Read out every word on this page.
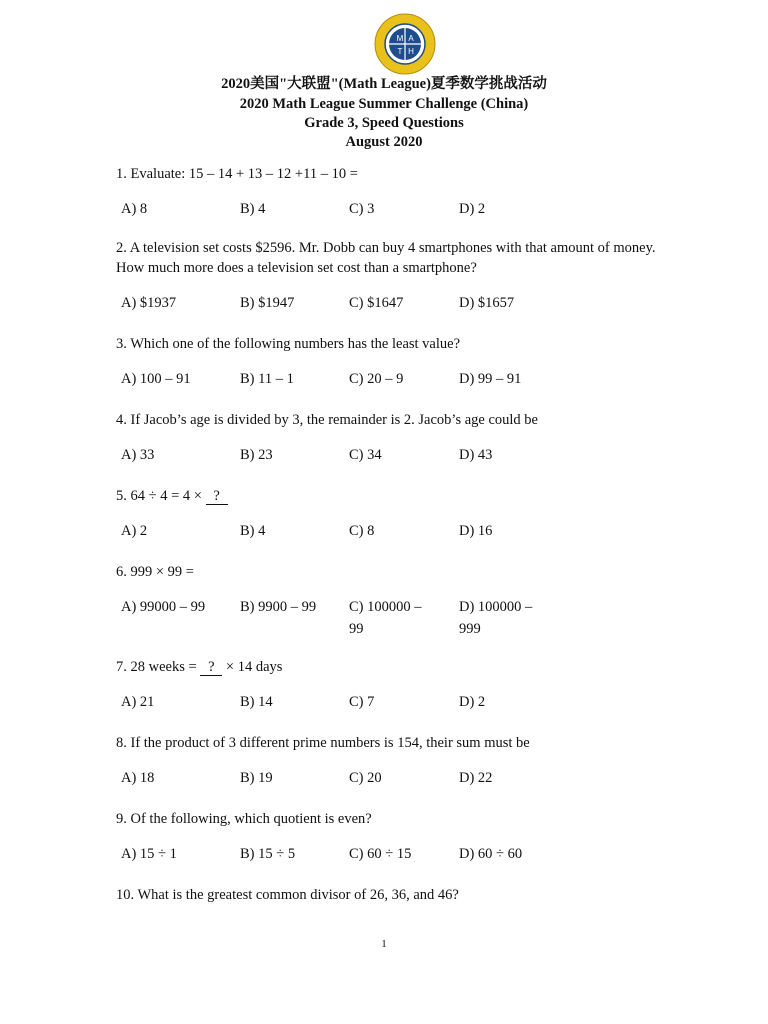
M A
T H
2020美国"大联盟"(Math League)夏季数学挑战活动
2020 Math League Summer Challenge (China)
Grade 3, Speed Questions
August 2020
1. Evaluate: 15 – 14 + 13 – 12 +11 – 10 =
A) 8	B) 4	C) 3	D) 2
2. A television set costs $2596. Mr. Dobb can buy 4 smartphones with that amount of money. How much more does a television set cost than a smartphone?
A) $1937	B) $1947	C) $1647	D) $1657
3. Which one of the following numbers has the least value?
A) 100 – 91	B) 11 – 1	C) 20 – 9	D) 99 – 91
4. If Jacob’s age is divided by 3, the remainder is 2. Jacob’s age could be
A) 33	B) 23	C) 34	D) 43
5. 64 ÷ 4 = 4 × ?
A) 2	B) 4	C) 8	D) 16
6. 999 × 99 =
A) 99000 – 99 B) 9900 – 99 C) 100000 – 99
D) 100000 – 999
7. 28 weeks = ? × 14 days
A) 21	B) 14	C) 7	D) 2
8. If the product of 3 different prime numbers is 154, their sum must be
A) 18	B) 19	C) 20	D) 22
9. Of the following, which quotient is even?
A) 15 ÷ 1	B) 15 ÷ 5	C) 60 ÷ 15	D) 60 ÷ 60
10. What is the greatest common divisor of 26, 36, and 46?
1
